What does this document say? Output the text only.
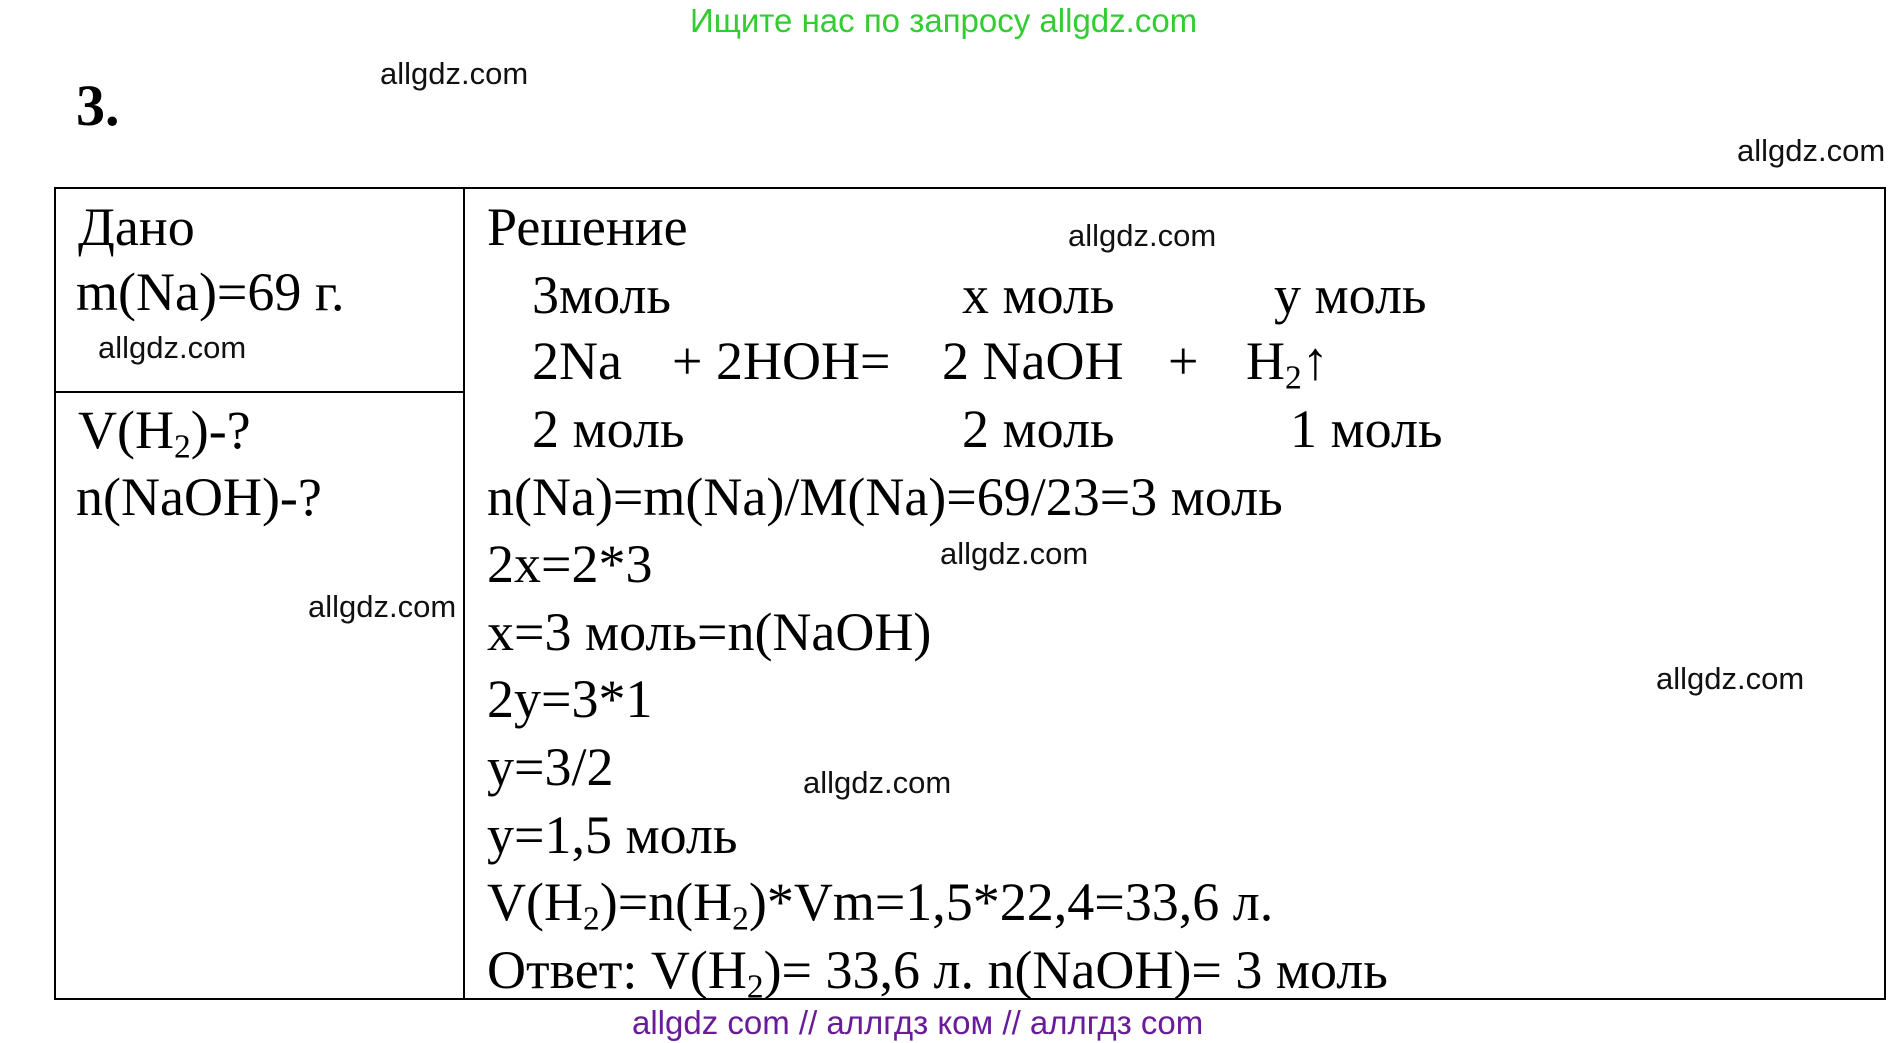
Ищите нас по запросу allgdz.com
3.	allgdz.com
allgdz.com
allgdz.com
allgdz.com
allgdz.com
allgdz.com
allgdz.com
allgdz.com
Дано
m(Na)=69 г.
$V(H_2)-$?
n(NaOH)-?
Решение
3моль	х моль	у моль
2Na + 2HOH= 2 NaOH + $H_2↑$
2 моль	2 моль	1 моль
n(Na)=m(Na)/M(Na)=69/23=3 моль
2х=2*3
х=3 моль=n(NaOH)
2у=3*1
у=3/2
у=1,5 моль
$V(H_2)=n(H_2)*Vm=1,5*22,4=33,6$ л.
Ответ: $V(H_2)= 33,6$ л. n(NaOH)= 3 моль
allgdz com // аллгдз ком // аллгдз com
